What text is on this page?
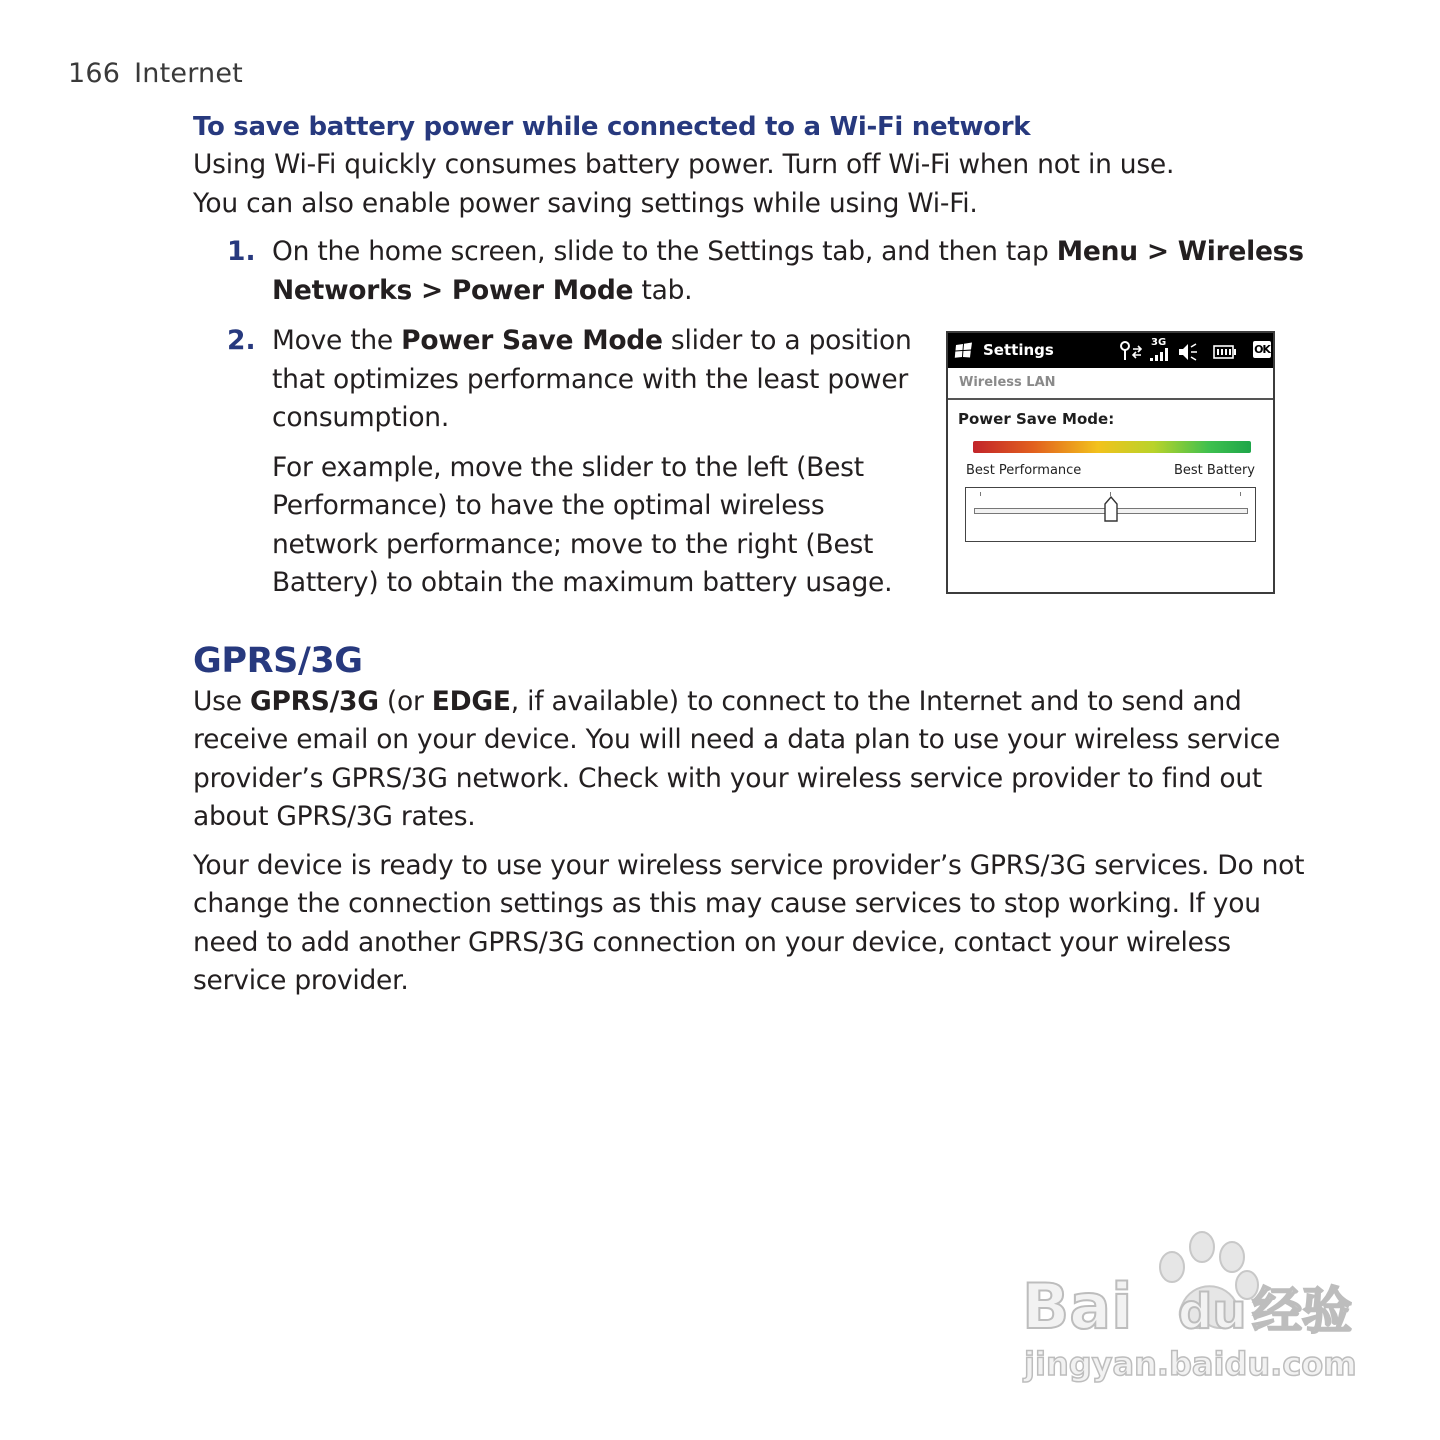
166 Internet
To save battery power while connected to a Wi-Fi network

Using Wi-Fi quickly consumes battery power. Turn off Wi-Fi when not in use.

You can also enable power saving settings while using Wi-Fi.

1. On the home screen, slide to the Settings tab, and then tap Menu > Wireless Networks > Power Mode tab.

2. Move the Power Save Mode slider to a position that optimizes performance with the least power consumption.

For example, move the slider to the left (Best Performance) to have the optimal wireless network performance; move to the right (Best Battery) to obtain the maximum battery usage.

GPRS/3G

Use GPRS/3G (or EDGE, if available) to connect to the Internet and to send and receive email on your device. You will need a data plan to use your wireless service provider’s GPRS/3G network. Check with your wireless service provider to find out about GPRS/3G rates.

Your device is ready to use your wireless service provider’s GPRS/3G services. Do not change the connection settings as this may cause services to stop working. If you need to add another GPRS/3G connection on your device, contact your wireless service provider.

Settings	3G
OK
Wireless LAN
Power Save Mode:
Best Performance	Best Battery
Bai du 经验
jingyan.baidu.com
